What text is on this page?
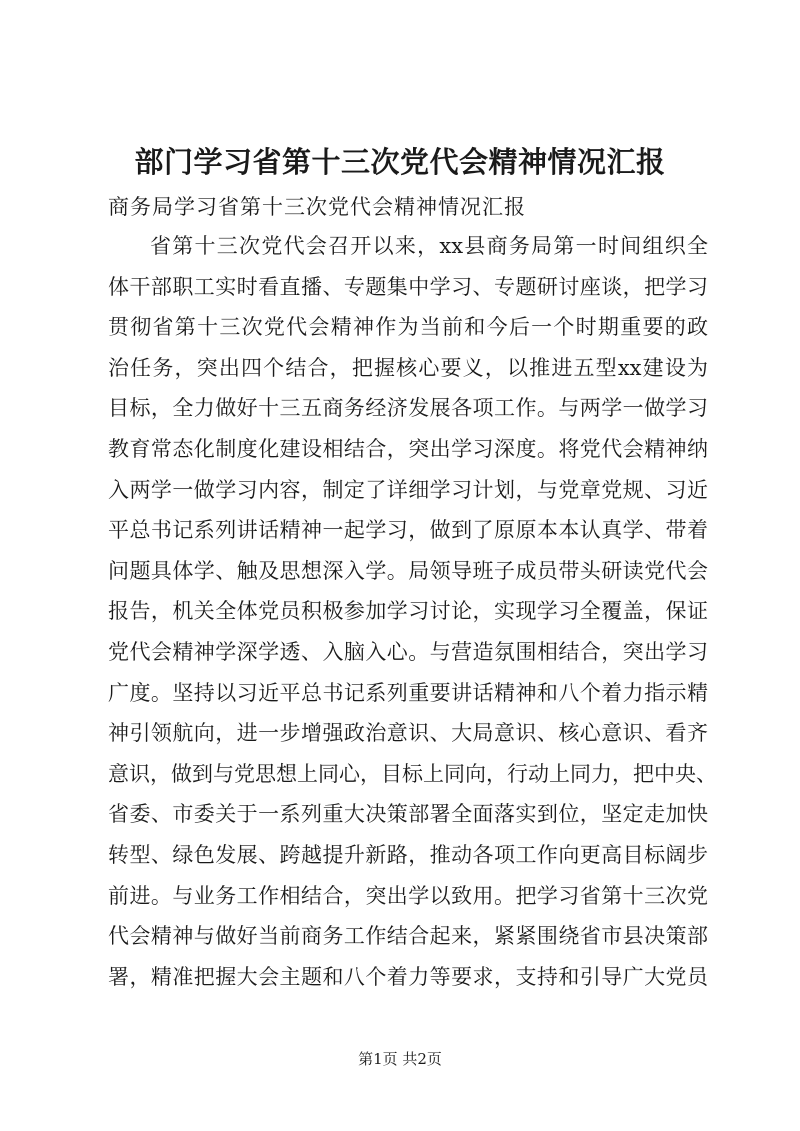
部门学习省第十三次党代会精神情况汇报

商务局学习省第十三次党代会精神情况汇报

省第十三次党代会召开以来，xx县商务局第一时间组织全
体干部职工实时看直播、专题集中学习、专题研讨座谈，把学习
贯彻省第十三次党代会精神作为当前和今后一个时期重要的政
治任务，突出四个结合，把握核心要义，以推进五型xx建设为
目标，全力做好十三五商务经济发展各项工作。与两学一做学习
教育常态化制度化建设相结合，突出学习深度。将党代会精神纳
入两学一做学习内容，制定了详细学习计划，与党章党规、习近
平总书记系列讲话精神一起学习，做到了原原本本认真学、带着
问题具体学、触及思想深入学。局领导班子成员带头研读党代会
报告，机关全体党员积极参加学习讨论，实现学习全覆盖，保证
党代会精神学深学透、入脑入心。与营造氛围相结合，突出学习
广度。坚持以习近平总书记系列重要讲话精神和八个着力指示精
神引领航向，进一步增强政治意识、大局意识、核心意识、看齐
意识，做到与党思想上同心，目标上同向，行动上同力，把中央、
省委、市委关于一系列重大决策部署全面落实到位，坚定走加快
转型、绿色发展、跨越提升新路，推动各项工作向更高目标阔步
前进。与业务工作相结合，突出学以致用。把学习省第十三次党
代会精神与做好当前商务工作结合起来，紧紧围绕省市县决策部
署，精准把握大会主题和八个着力等要求，支持和引导广大党员
第1页 共2页
